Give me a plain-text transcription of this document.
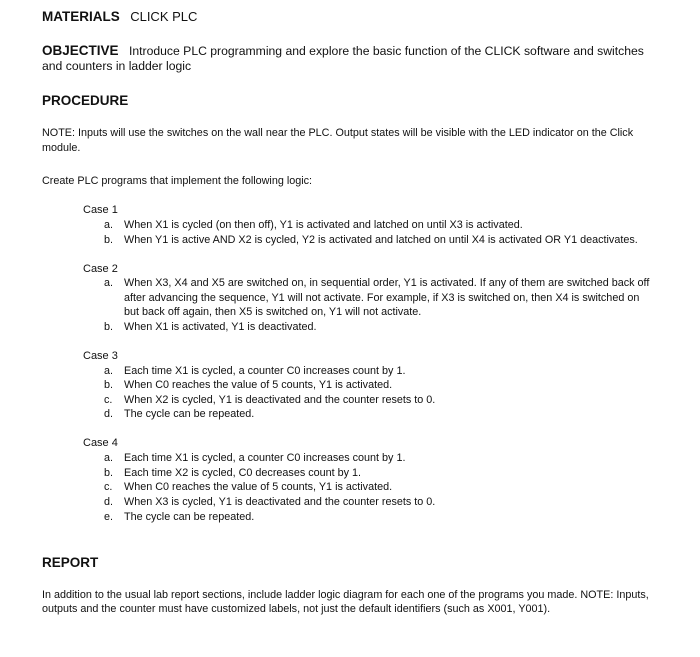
MATERIALS CLICK PLC
OBJECTIVE Introduce PLC programming and explore the basic function of the CLICK software and switches
and counters in ladder logic
PROCEDURE
NOTE: Inputs will use the switches on the wall near the PLC. Output states will be visible with the LED indicator on the Click
module.
Create PLC programs that implement the following logic:
Case 1
a.	When X1 is cycled (on then off), Y1 is activated and latched on until X3 is activated.
b.	When Y1 is active AND X2 is cycled, Y2 is activated and latched on until X4 is activated OR Y1 deactivates.
Case 2
a.	When X3, X4 and X5 are switched on, in sequential order, Y1 is activated. If any of them are switched back off
after advancing the sequence, Y1 will not activate. For example, if X3 is switched on, then X4 is switched on
but back off again, then X5 is switched on, Y1 will not activate.
b.	When X1 is activated, Y1 is deactivated.
Case 3
a.	Each time X1 is cycled, a counter C0 increases count by 1.
b.	When C0 reaches the value of 5 counts, Y1 is activated.
c.	When X2 is cycled, Y1 is deactivated and the counter resets to 0.
d.	The cycle can be repeated.
Case 4
a.	Each time X1 is cycled, a counter C0 increases count by 1.
b.	Each time X2 is cycled, C0 decreases count by 1.
c.	When C0 reaches the value of 5 counts, Y1 is activated.
d.	When X3 is cycled, Y1 is deactivated and the counter resets to 0.
e.	The cycle can be repeated.
REPORT
In addition to the usual lab report sections, include ladder logic diagram for each one of the programs you made. NOTE: Inputs,
outputs and the counter must have customized labels, not just the default identifiers (such as X001, Y001).
